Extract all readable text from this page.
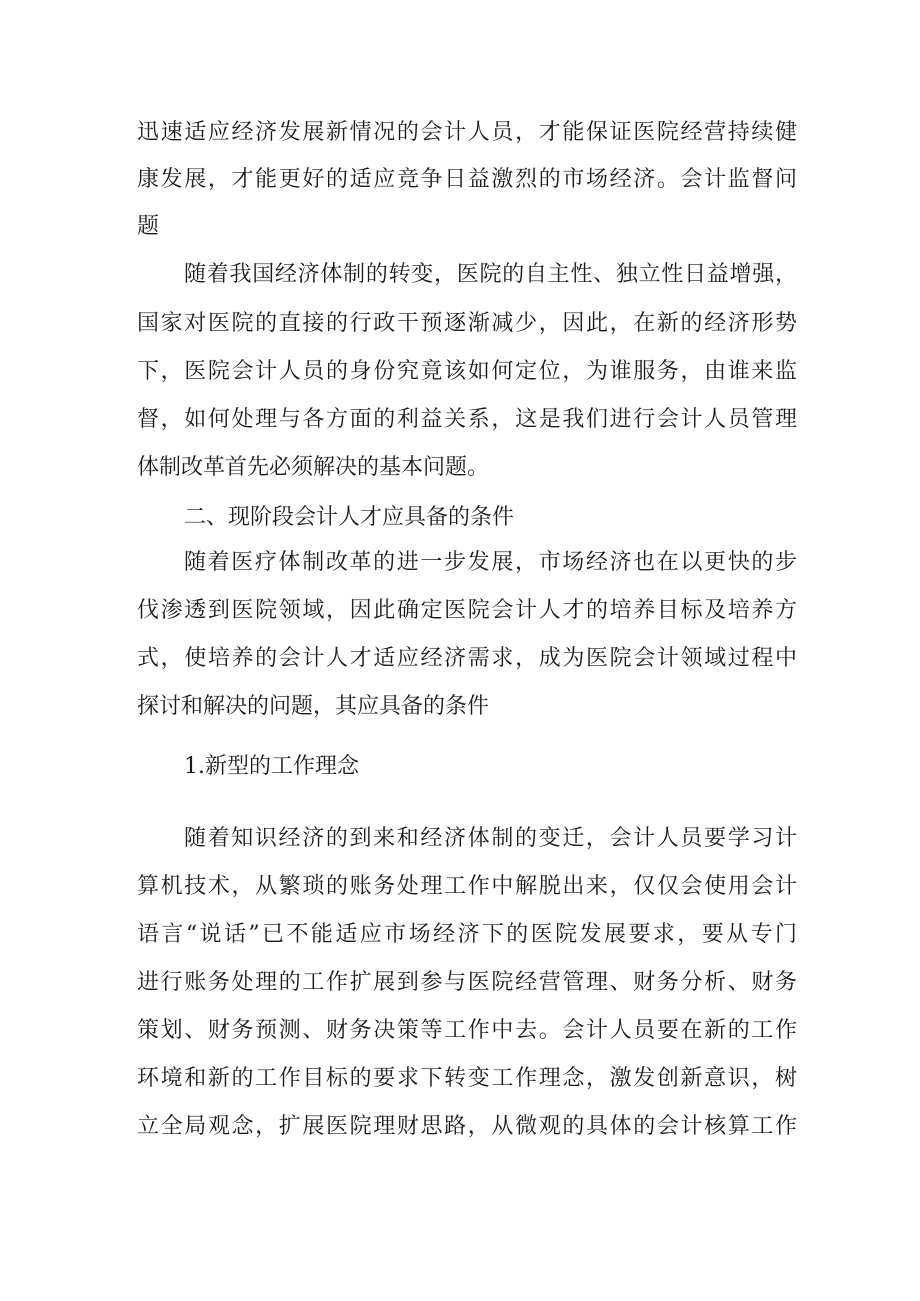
迅速适应经济发展新情况的会计人员，才能保证医院经营持续健
康发展，才能更好的适应竞争日益激烈的市场经济。会计监督问
题
随着我国经济体制的转变，医院的自主性、独立性日益增强，
国家对医院的直接的行政干预逐渐减少，因此，在新的经济形势
下，医院会计人员的身份究竟该如何定位，为谁服务，由谁来监
督，如何处理与各方面的利益关系，这是我们进行会计人员管理
体制改革首先必须解决的基本问题。
二、现阶段会计人才应具备的条件
随着医疗体制改革的进一步发展，市场经济也在以更快的步
伐渗透到医院领域，因此确定医院会计人才的培养目标及培养方
式，使培养的会计人才适应经济需求，成为医院会计领域过程中
探讨和解决的问题，其应具备的条件
1.新型的工作理念
随着知识经济的到来和经济体制的变迁，会计人员要学习计
算机技术，从繁琐的账务处理工作中解脱出来，仅仅会使用会计
语言“说话”已不能适应市场经济下的医院发展要求，要从专门
进行账务处理的工作扩展到参与医院经营管理、财务分析、财务
策划、财务预测、财务决策等工作中去。会计人员要在新的工作
环境和新的工作目标的要求下转变工作理念，激发创新意识，树
立全局观念，扩展医院理财思路，从微观的具体的会计核算工作
